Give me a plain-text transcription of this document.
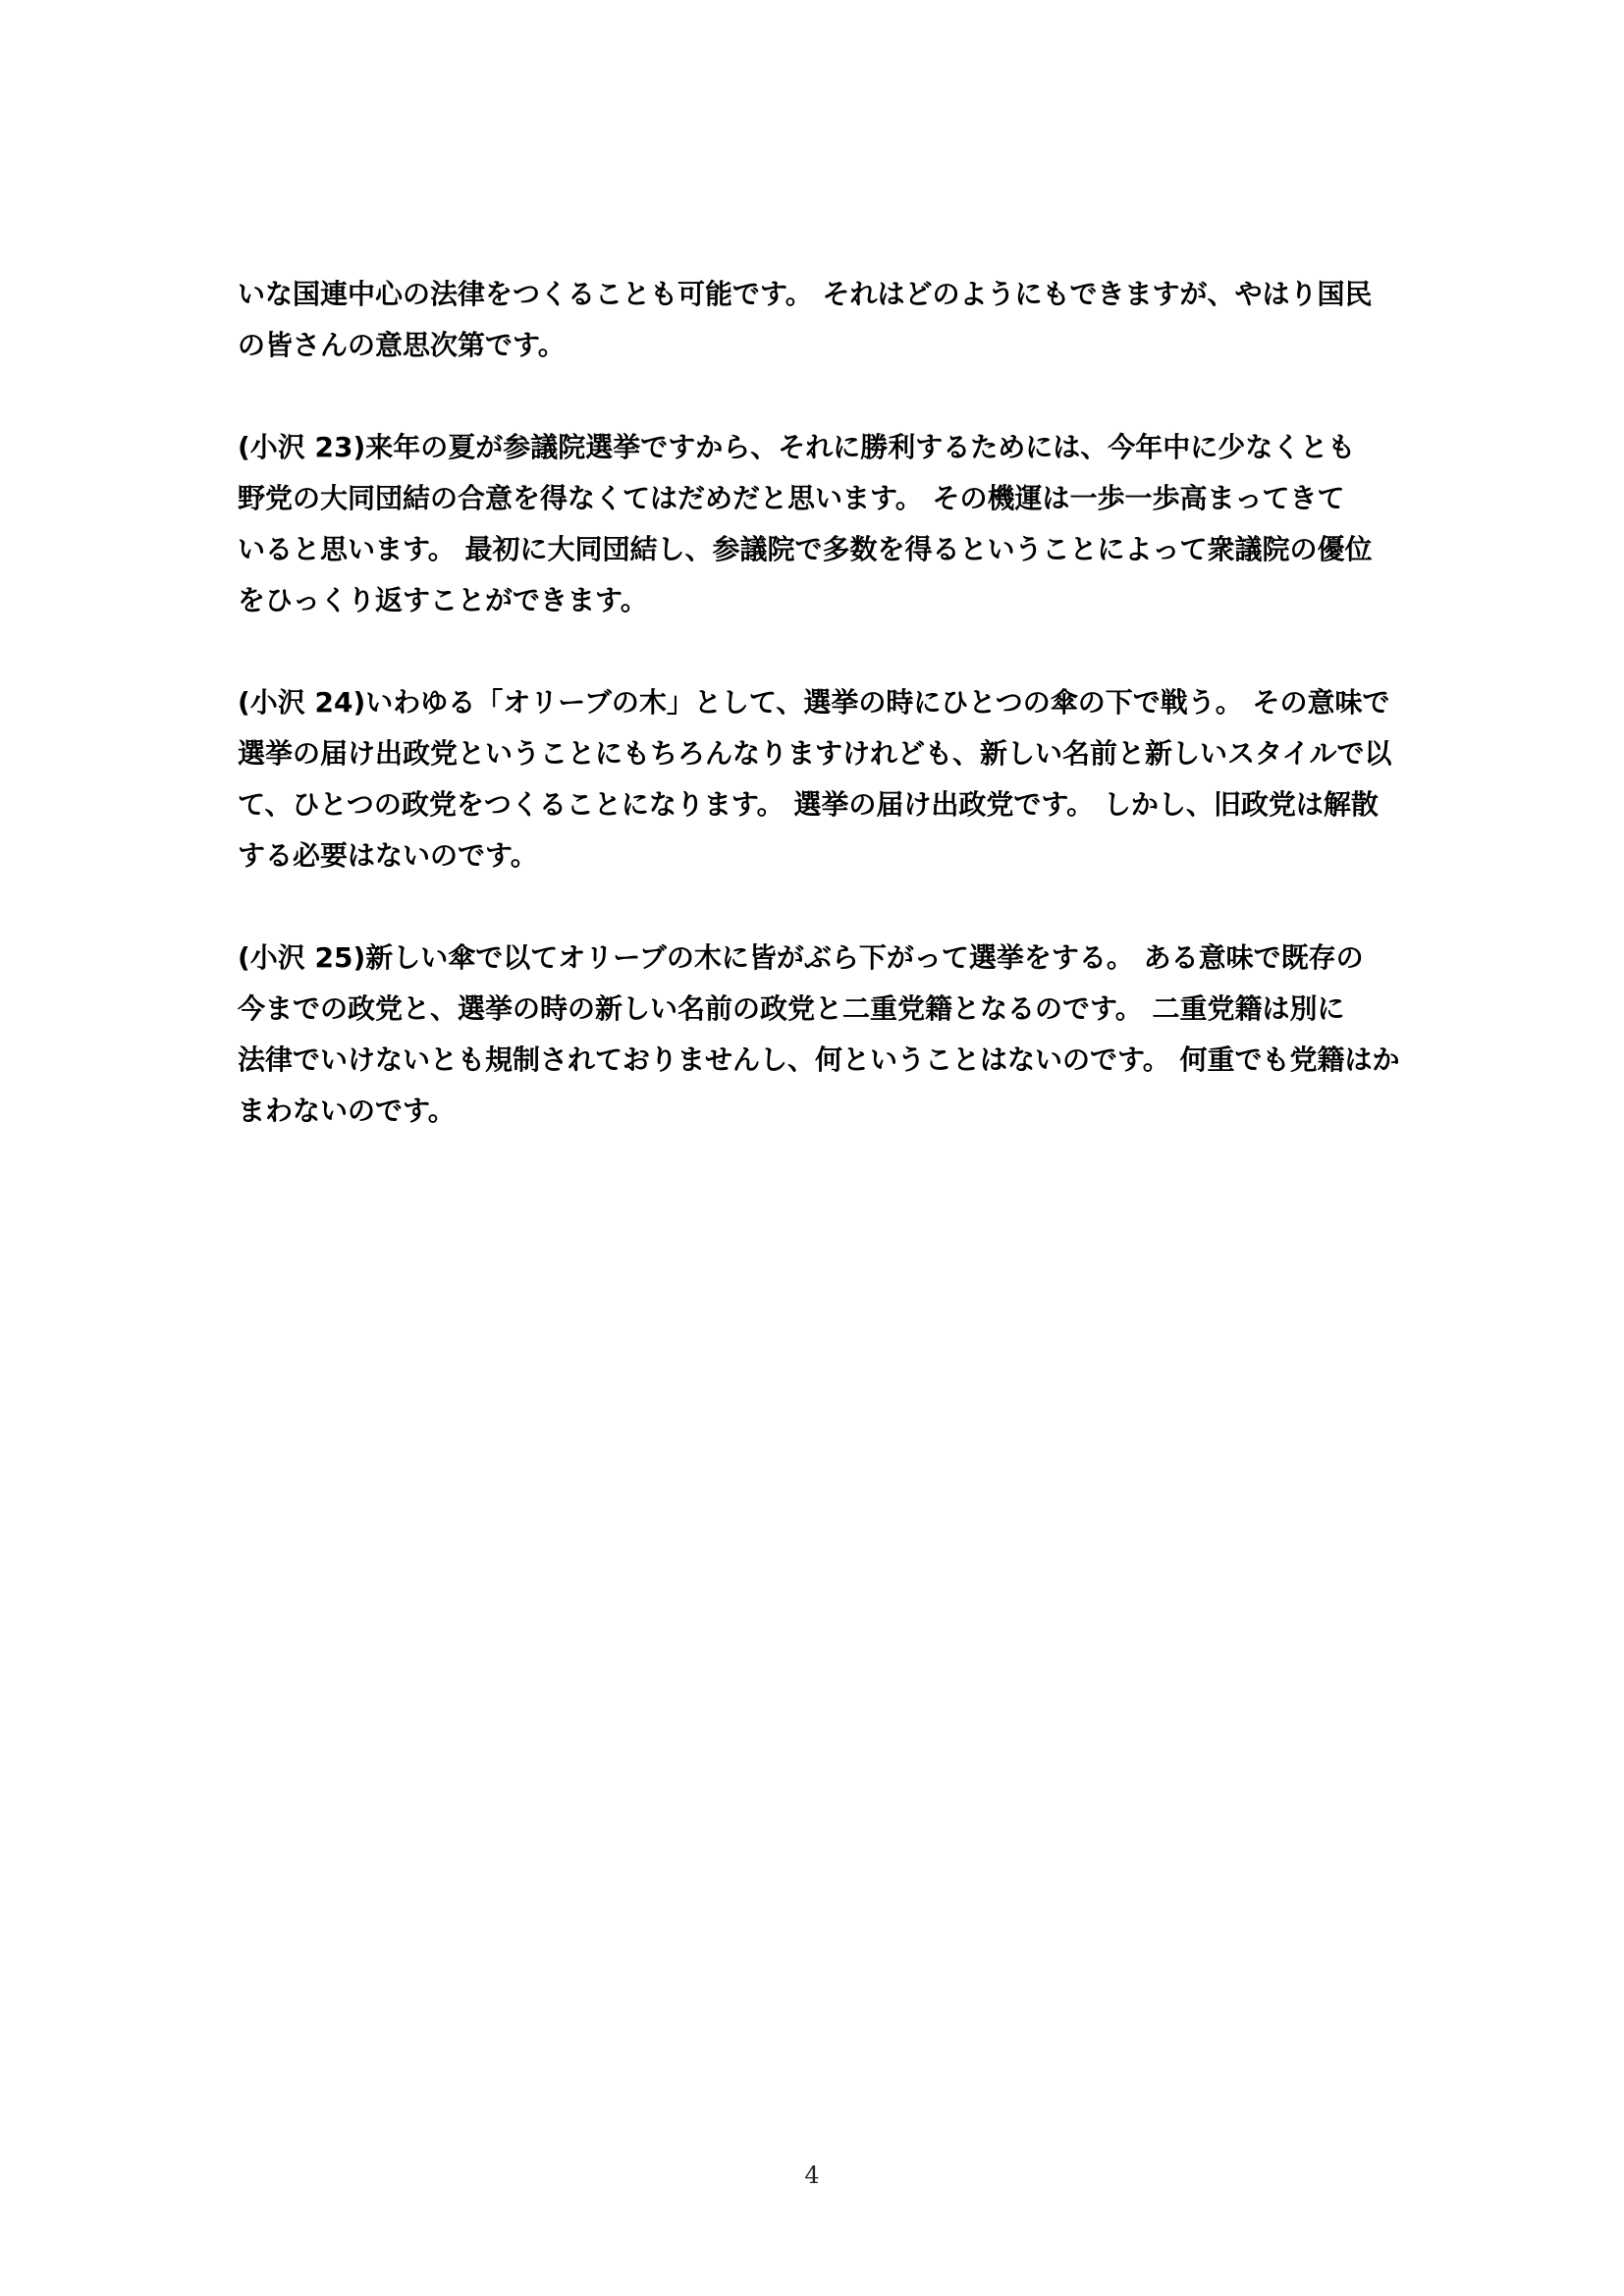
いな国連中心の法律をつくることも可能です。 それはどのようにもできますが、やはり国民
の皆さんの意思次第です。

(小沢 23)来年の夏が参議院選挙ですから、それに勝利するためには、今年中に少なくとも
野党の大同団結の合意を得なくてはだめだと思います。 その機運は一歩一歩高まってきて
いると思います。 最初に大同団結し、参議院で多数を得るということによって衆議院の優位
をひっくり返すことができます。

(小沢 24)いわゆる「オリーブの木」として、選挙の時にひとつの傘の下で戦う。 その意味で
選挙の届け出政党ということにもちろんなりますけれども、新しい名前と新しいスタイルで以
て、ひとつの政党をつくることになります。 選挙の届け出政党です。 しかし、旧政党は解散
する必要はないのです。

(小沢 25)新しい傘で以てオリーブの木に皆がぶら下がって選挙をする。 ある意味で既存の
今までの政党と、選挙の時の新しい名前の政党と二重党籍となるのです。 二重党籍は別に
法律でいけないとも規制されておりませんし、何ということはないのです。 何重でも党籍はか
まわないのです。

4
